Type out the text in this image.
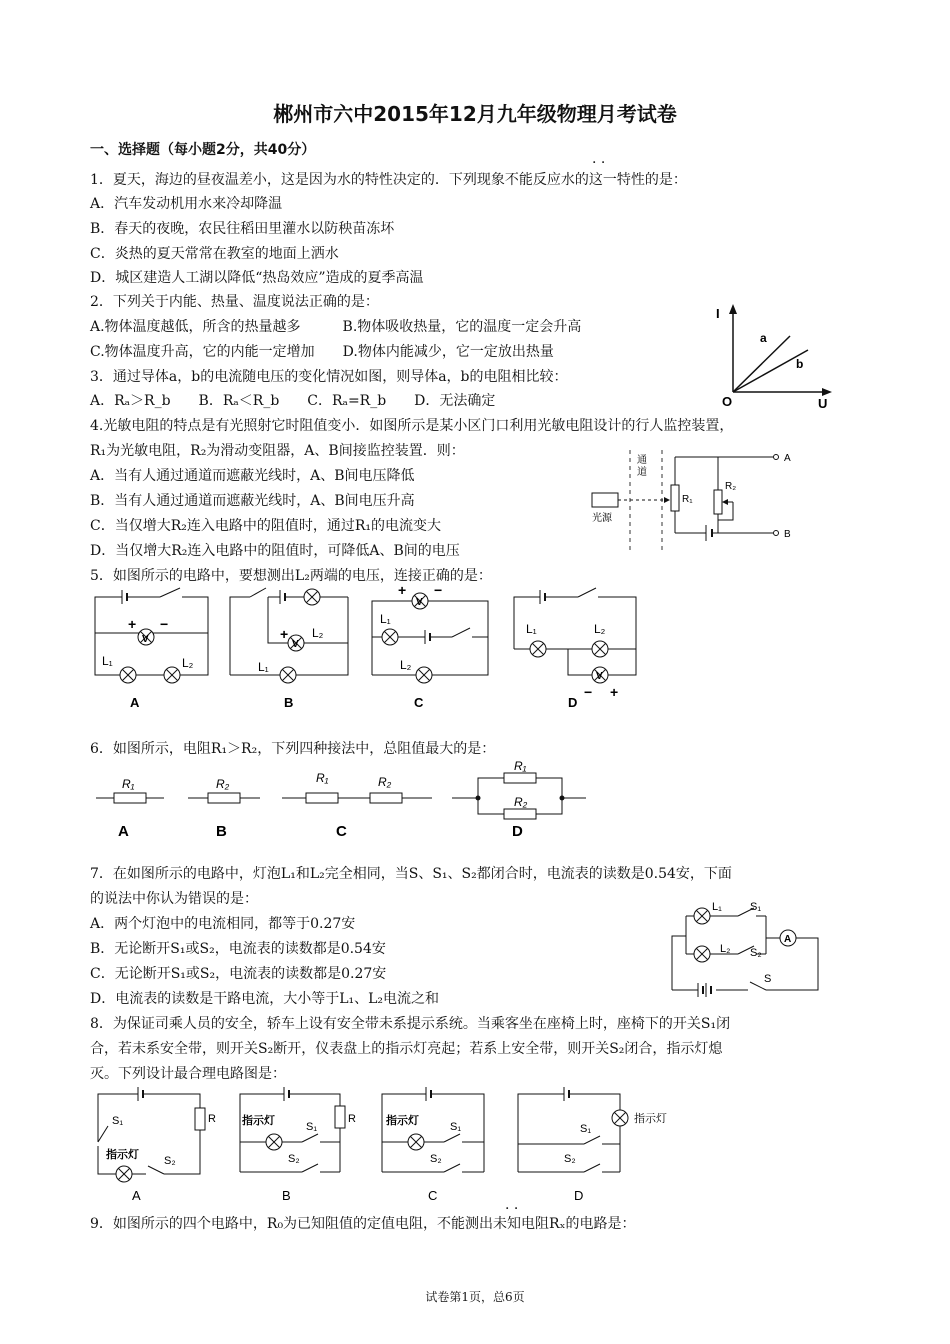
郴州市六中2015年12月九年级物理月考试卷
一、选择题（每小题2分，共40分）
· ·
1．夏天，海边的昼夜温差小，这是因为水的特性决定的．下列现象不能反应水的这一特性的是：
A．汽车发动机用水来冷却降温
B．春天的夜晚，农民往稻田里灌水以防秧苗冻坏
C．炎热的夏天常常在教室的地面上洒水
D．城区建造人工湖以降低“热岛效应”造成的夏季高温
2．下列关于内能、热量、温度说法正确的是：
A.物体温度越低，所含的热量越多　　　B.物体吸收热量，它的温度一定会升高
C.物体温度升高，它的内能一定增加　　D.物体内能减少，它一定放出热量
3．通过导体a，b的电流随电压的变化情况如图，则导体a，b的电阻相比较：
A．Rₐ＞R_b　　B．Rₐ＜R_b　　C．Rₐ=R_b　　D．无法确定
I
O	U
a
b
4.光敏电阻的特点是有光照射它时阻值变小．如图所示是某小区门口利用光敏电阻设计的行人监控装置，
R₁为光敏电阻，R₂为滑动变阻器，A、B间接监控装置．则：
A．当有人通过通道而遮蔽光线时，A、B间电压降低
B．当有人通过通道而遮蔽光线时，A、B间电压升高
C．当仅增大R₂连入电路中的阻值时，通过R₁的电流变大
D．当仅增大R₂连入电路中的阻值时，可降低A、B间的电压
通
道
光源
A
R₁
B
R₂
5．如图所示的电路中，要想测出L₂两端的电压，连接正确的是：
V
+ −
L₁	L₂
A
V
+ L₂
L₁
B
V
+ −
L₁
L₂
C
L₁	L₂
V
− +
D
6．如图所示，电阻R₁＞R₂，下列四种接法中，总阻值最大的是：
R₁
A
R₂
B
R₁	R₂
C
R₁
R₂
D
7．在如图所示的电路中，灯泡L₁和L₂完全相同，当S、S₁、S₂都闭合时，电流表的读数是0.54安，下面
的说法中你认为错误的是：
A．两个灯泡中的电流相同，都等于0.27安
B．无论断开S₁或S₂，电流表的读数都是0.54安
C．无论断开S₁或S₂，电流表的读数都是0.27安
D．电流表的读数是干路电流，大小等于L₁、L₂电流之和
A
L₁	S₁
L₂ S₂
S
8．为保证司乘人员的安全，轿车上设有安全带未系提示系统。当乘客坐在座椅上时，座椅下的开关S₁闭
合，若未系安全带，则开关S₂断开，仪表盘上的指示灯亮起；若系上安全带，则开关S₂闭合，指示灯熄
灭。下列设计最合理电路图是：
S₁	R
指示灯 S₂
A
指示灯	S₁
S₂
R
B
指示灯	S₁
S₂
C
指示灯
S₁
S₂
D
· ·
9．如图所示的四个电路中，R₀为已知阻值的定值电阻，不能测出未知电阻Rₓ的电路是：
试卷第1页，总6页
